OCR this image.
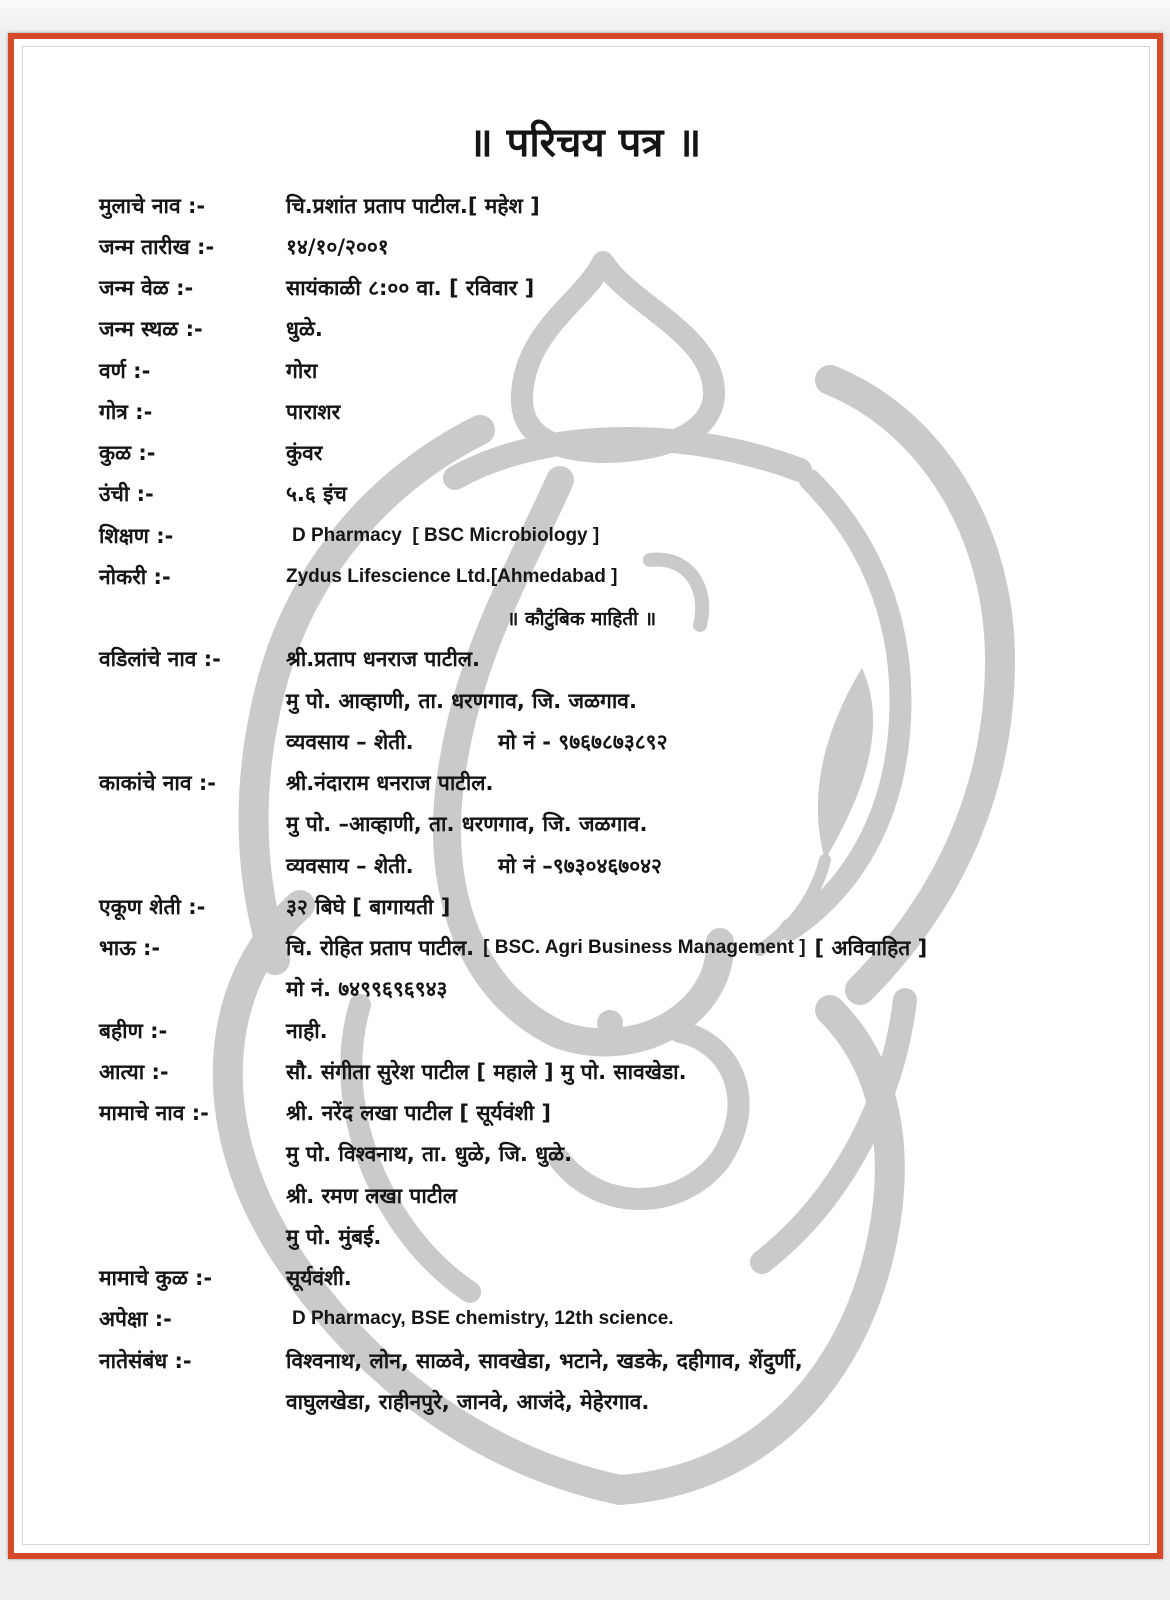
॥ परिचय पत्र ॥
मुलाचे नाव :-	चि.प्रशांत प्रताप पाटील.[ महेश ]
जन्म तारीख :-	१४/१०/२००१
जन्म वेळ :-	सायंकाळी ८:०० वा. [ रविवार ]
जन्म स्थळ :-	धुळे.
वर्ण :-	गोरा
गोत्र :-	पाराशर
कुळ :-	कुंवर
उंची :-	५.६ इंच
शिक्षण :-	D Pharmacy  [ BSC Microbiology ]
नोकरी :-	Zydus Lifescience Ltd.[Ahmedabad ]
॥ कौटुंबिक माहिती ॥
वडिलांचे नाव :-	श्री.प्रताप धनराज पाटील.
मु पो. आव्हाणी, ता. धरणगाव, जि. जळगाव.
व्यवसाय – शेती.	मो नं - ९७६७८७३८९२
काकांचे नाव :-	श्री.नंदाराम धनराज पाटील.
मु पो. –आव्हाणी, ता. धरणगाव, जि. जळगाव.
व्यवसाय – शेती.	मो नं –९७३०४६७०४२
एकूण शेती :-	३२ बिघे [ बागायती ]
भाऊ :-	चि. रोहित प्रताप पाटील. [ BSC. Agri Business Management ] [ अविवाहित ]
मो नं. ७४९९६९६९४३
बहीण :-	नाही.
आत्या :-	सौ. संगीता सुरेश पाटील [ महाले ] मु पो. सावखेडा.
मामाचे नाव :-	श्री. नरेंद लखा पाटील [ सूर्यवंशी ]
मु पो. विश्वनाथ, ता. धुळे, जि. धुळे.
श्री. रमण लखा पाटील
मु पो. मुंबई.
मामाचे कुळ :-	सूर्यवंशी.
अपेक्षा :-	D Pharmacy, BSE chemistry, 12th science.
नातेसंबंध :-	विश्वनाथ, लोन, साळवे, सावखेडा, भटाने, खडके, दहीगाव, शेंदुर्णी,
वाघुलखेडा, राहीनपुरे, जानवे, आजंदे, मेहेरगाव.
